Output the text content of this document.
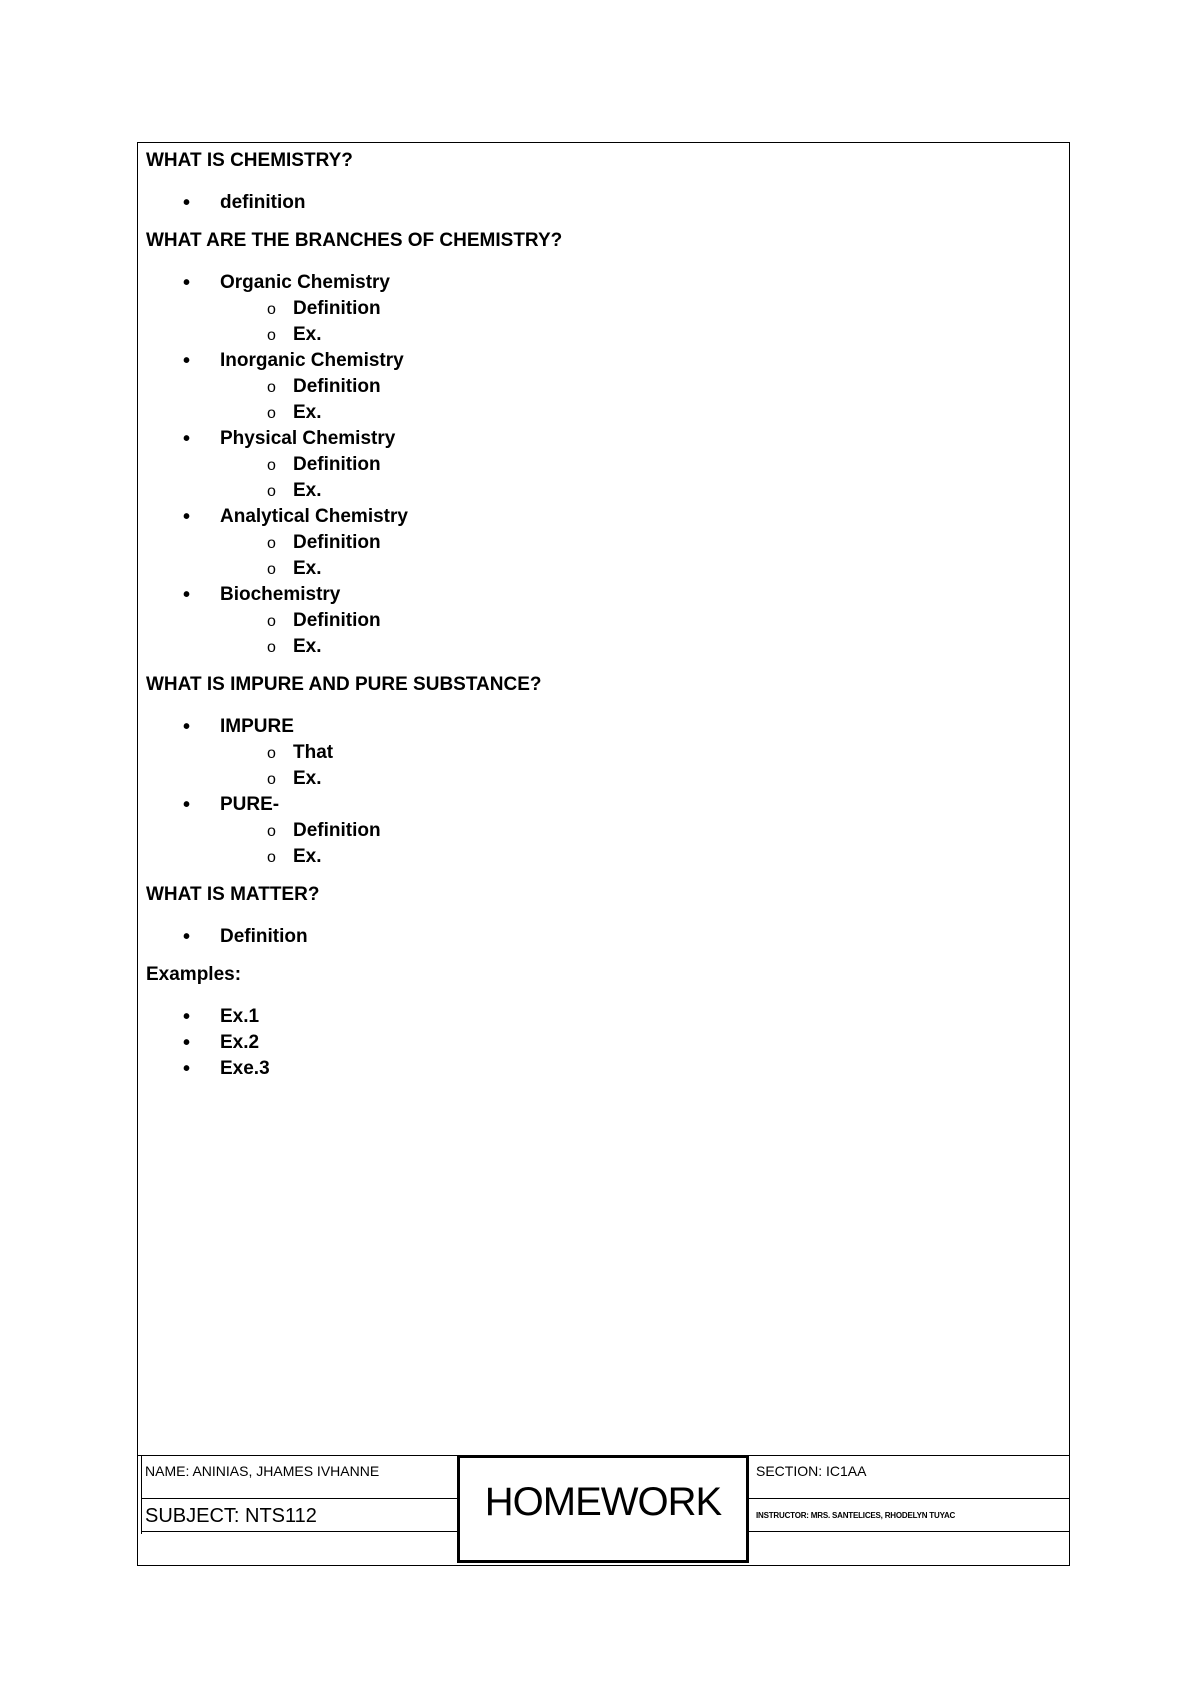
WHAT IS CHEMISTRY?

• definition

WHAT ARE THE BRANCHES OF CHEMISTRY?

• Organic Chemistry
o Definition
o Ex.
• Inorganic Chemistry
o Definition
o Ex.
• Physical Chemistry
o Definition
o Ex.
• Analytical Chemistry
o Definition
o Ex.
• Biochemistry
o Definition
o Ex.

WHAT IS IMPURE AND PURE SUBSTANCE?

• IMPURE
o That
o Ex.
• PURE-
o Definition
o Ex.

WHAT IS MATTER?

• Definition

Examples:

• Ex.1
• Ex.2
• Exe.3
NAME: ANINIAS, JHAMES IVHANNE
SUBJECT: NTS112	HOMEWORK
SECTION: IC1AA
INSTRUCTOR: MRS. SANTELICES, RHODELYN TUYAC
